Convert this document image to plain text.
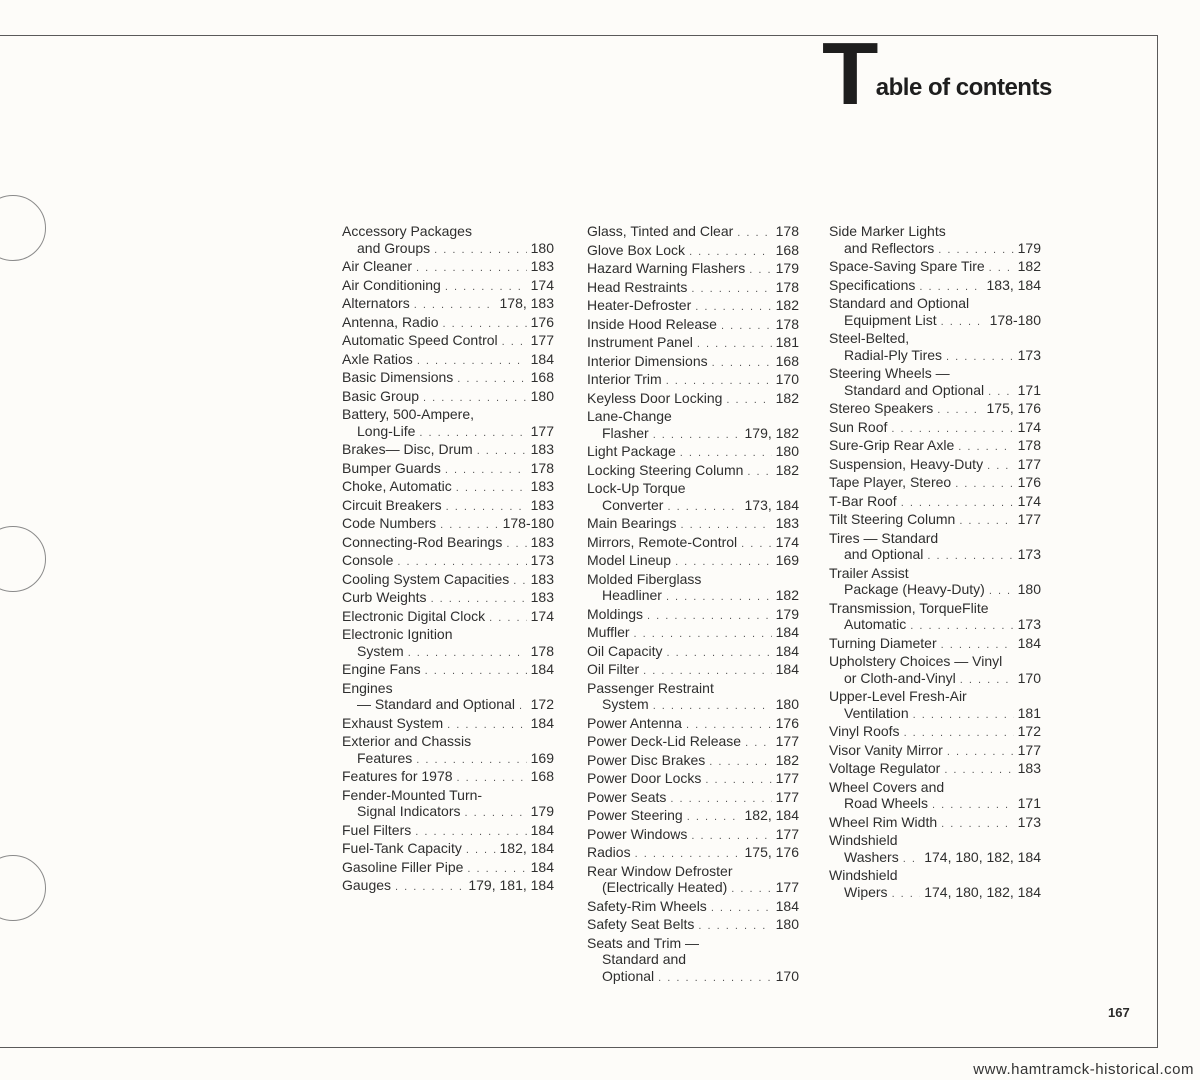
T able of contents
Accessory Packages
and Groups . . .	180
Air Cleaner . . .	183
Air Conditioning . . .	174
Alternators . . .	178, 183
Antenna, Radio . . .	176
Automatic Speed Control . . . 177
Axle Ratios . . .	184
Basic Dimensions . . .	168
Basic Group . . .	180
Battery, 500-Ampere,
Long-Life . . .	177
Brakes— Disc, Drum . . .	183
Bumper Guards . . .	178
Choke, Automatic . . .	183
Circuit Breakers . . .	183
Code Numbers . . .	178-180
Connecting-Rod Bearings . . . 183
Console . . .	173
Cooling System Capacities . . . 183
Curb Weights . . .	183
Electronic Digital Clock . . .	174
Electronic Ignition
System . . .	178
Engine Fans . . .	184
Engines
— Standard and Optional . . . 172
Exhaust System . . .	184
Exterior and Chassis
Features . . .	169
Features for 1978 . . .	168
Fender-Mounted Turn-
Signal Indicators . . .	179
Fuel Filters . . .	184
Fuel-Tank Capacity . . .	182, 184
Gasoline Filler Pipe . . .	184
Gauges . . .	179, 181, 184
Glass, Tinted and Clear . . .	178
Glove Box Lock . . .	168
Hazard Warning Flashers . . . 179
Head Restraints . . .	178
Heater-Defroster . . .	182
Inside Hood Release . . .	178
Instrument Panel . . .	181
Interior Dimensions . . .	168
Interior Trim . . .	170
Keyless Door Locking . . .	182
Lane-Change
Flasher . . .	179, 182
Light Package . . .	180
Locking Steering Column . . . 182
Lock-Up Torque
Converter . . .	173, 184
Main Bearings . . .	183
Mirrors, Remote-Control . . .	174
Model Lineup . . .	169
Molded Fiberglass
Headliner . . .	182
Moldings . . .	179
Muffler . . .	184
Oil Capacity . . .	184
Oil Filter . . .	184
Passenger Restraint
System . . .	180
Power Antenna . . .	176
Power Deck-Lid Release . . . 177
Power Disc Brakes . . .	182
Power Door Locks . . .	177
Power Seats . . .	177
Power Steering . . .	182, 184
Power Windows . . .	177
Radios . . .	175, 176
Rear Window Defroster
(Electrically Heated) . . .	177
Safety-Rim Wheels . . .	184
Safety Seat Belts . . .	180
Seats and Trim —
Standard and
Optional . . .	170
Side Marker Lights
and Reflectors . . .	179
Space-Saving Spare Tire . . . 182
Specifications . . .	183, 184
Standard and Optional
Equipment List . . .	178-180
Steel-Belted,
Radial-Ply Tires . . .	173
Steering Wheels —
Standard and Optional . . . 171
Stereo Speakers . . .	175, 176
Sun Roof . . .	174
Sure-Grip Rear Axle . . .	178
Suspension, Heavy-Duty . . . 177
Tape Player, Stereo . . .	176
T-Bar Roof . . .	174
Tilt Steering Column . . .	177
Tires — Standard
and Optional . . .	173
Trailer Assist
Package (Heavy-Duty) . . . 180
Transmission, TorqueFlite
Automatic . . .	173
Turning Diameter . . .	184
Upholstery Choices — Vinyl
or Cloth-and-Vinyl . . .	170
Upper-Level Fresh-Air
Ventilation . . .	181
Vinyl Roofs . . .	172
Visor Vanity Mirror . . .	177
Voltage Regulator . . .	183
Wheel Covers and
Road Wheels . . .	171
Wheel Rim Width . . .	173
Windshield
Washers . . . 174, 180, 182, 184
Windshield
Wipers . . .	174, 180, 182, 184
167
www.hamtramck-historical.com
